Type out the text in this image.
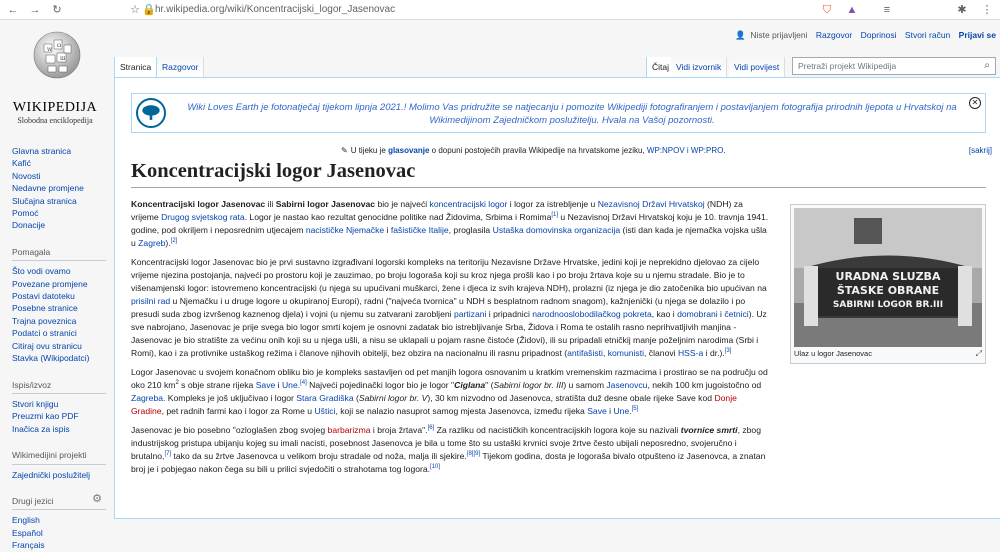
← → ↻	☆ 🔒 hr.wikipedia.org/wiki/Koncentracijski_logor_Jasenovac	⛉ ▲	≡	✱ ⋮
W
Ω
Ш
WIKIPEDIJA
Slobodna enciklopedija
Glavna stranica
Kafić
Novosti
Nedavne promjene
Slučajna stranica
Pomoć
Donacije
Pomagala
Što vodi ovamo
Povezane promjene
Postavi datoteku
Posebne stranice
Trajna poveznica
Podatci o stranici
Citiraj ovu stranicu
Stavka (Wikipodatci)
Ispis/izvoz
Stvori knjigu
Preuzmi kao PDF
Inačica za ispis
Wikimedijini projekti
Zajednički poslužitelj
Drugi jezici	⚙
English
Español
Français
👤 Niste prijavljeni Razgovor Doprinosi Stvori račun Prijavi se
Stranica	Razgovor	Čitaj Vidi izvornik	Vidi povijest	Pretraži projekt Wikipedija	⌕
Wiki Loves Earth je fotonatječaj tijekom lipnja 2021.! Molimo Vas pridružite se natjecanju i pomozite Wikipediji fotografiranjem i postavljanjem fotografija prirodnih ljepota u Hrvatskoj na Wikimedijinom Zajedničkom poslužitelju. Hvala na Vašoj pozornosti.
✕
✎ U tijeku je glasovanje o dopuni postojećih pravila Wikipedije na hrvatskome jeziku, WP:NPOV i WP:PRO.	[sakrij]
Koncentracijski logor Jasenovac
URADNA SLUZBA
ŠTASKE OBRANE
SABIRNI LOGOR BR.III
Ulaz u logor Jasenovac	⤢

Koncentracijski logor Jasenovac ili Sabirni logor Jasenovac bio je najveći koncentracijski logor i logor za istrebljenje u Nezavisnoj Državi Hrvatskoj (NDH) za vrijeme Drugog svjetskog rata. Logor je nastao kao rezultat genocidne politike nad Židovima, Srbima i Romima[1] u Nezavisnoj Državi Hrvatskoj koju je 10. travnja 1941. godine, pod okriljem i neposrednim utjecajem nacističke Njemačke i fašističke Italije, proglasila Ustaška domovinska organizacija (isti dan kada je njemačka vojska ušla u Zagreb).[2]

Koncentracijski logor Jasenovac bio je prvi sustavno izgrađivani logorski kompleks na teritoriju Nezavisne Države Hrvatske, jedini koji je neprekidno djelovao za cijelo vrijeme njezina postojanja, najveći po prostoru koji je zauzimao, po broju logoraša koji su kroz njega prošli kao i po broju žrtava koje su u njemu stradale. Bio je to višenamjenski logor: istovremeno koncentracijski (u njega su upućivani muškarci, žene i djeca iz svih krajeva NDH), prolazni (iz njega je dio zatočenika bio upućivan na prisilni rad u Njemačku i u druge logore u okupiranoj Europi), radni ("najveća tvornica" u NDH s besplatnom radnom snagom), kažnjenički (u njega se dolazilo i po presudi suda zbog izvršenog kaznenog djela) i vojni (u njemu su zatvarani zarobljeni partizani i pripadnici narodnooslobodilačkog pokreta, kao i domobrani i četnici). Uz sve nabrojano, Jasenovac je prije svega bio logor smrti kojem je osnovni zadatak bio istrebljivanje Srba, Židova i Roma te ostalih rasno neprihvatljivih manjina - Jasenovac je bio stratište za većinu onih koji su u njega ušli, a nisu se uklapali u pojam rasne čistoće (Židovi), ili su pripadali etničkij manje poželjnim narodima (Srbi i Romi), kao i za protivnike ustaškog režima i članove njihovih obitelji, bez obzira na nacionalnu ili rasnu pripadnost (antifašisti, komunisti, članovi HSS-a i dr.).[3]

Logor Jasenovac u svojem konačnom obliku bio je kompleks sastavljen od pet manjih logora osnovanim u kratkim vremenskim razmacima i prostirao se na području od oko 210 $km^2$ s obje strane rijeka Save i Une.[4] Najveći pojedinački logor bio je logor "Ciglana" (Sabirni logor br. III) u samom Jasenovcu, nekih 100 km jugoistočno od Zagreba. Kompleks je još uključivao i logor Stara Gradiška (Sabirni logor br. V), 30 km nizvodno od Jasenovca, stratišta duž desne obale rijeke Save kod Donje Gradine, pet radnih farmi kao i logor za Rome u Uštici, koji se nalazio nasuprot samog mjesta Jasenovca, između rijeka Save i Une.[5]

Jasenovac je bio posebno "ozloglašen zbog svojeg barbarizma i broja žrtava".[6] Za razliku od nacističkih koncentracijskih logora koje su nazivali tvornice smrti, zbog industrijskog pristupa ubijanju kojeg su imali nacisti, posebnost Jasenovca je bila u tome što su ustaški krvnici svoje žrtve često ubijali neposredno, svojeručno i brutalno,[7] tako da su žrtve Jasenovca u velikom broju stradale od noža, malja ili sjekire.[8][9] Tijekom godina, dosta je logoraša bivalo otpušteno iz Jasenovca, a znatan broj je i pobjegao nakon čega su bili u prilici svjedočiti o strahotama tog logora.[10]
